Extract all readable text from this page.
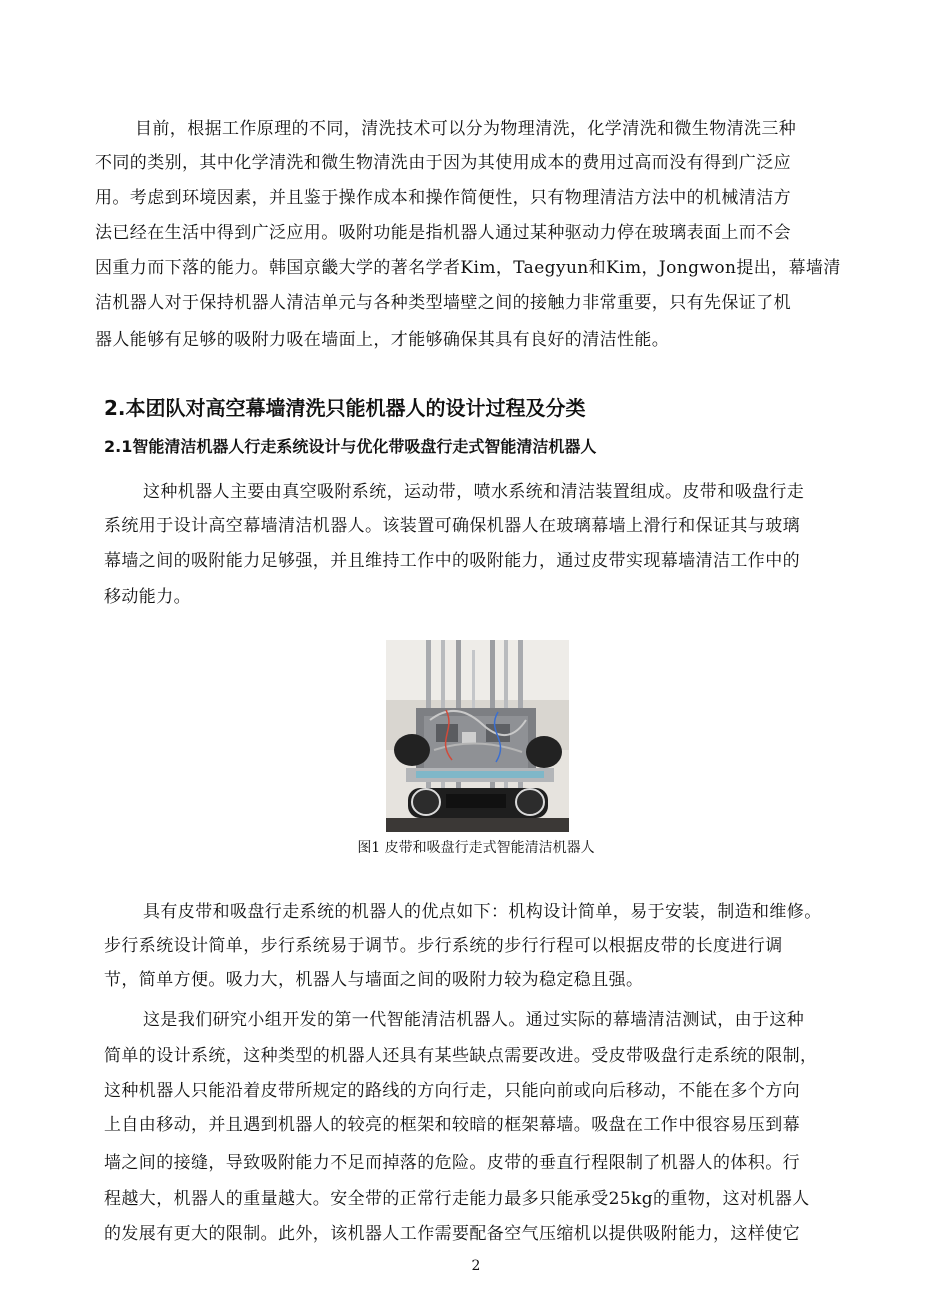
目前，根据工作原理的不同，清洗技术可以分为物理清洗，化学清洗和微生物清洗三种
不同的类别，其中化学清洗和微生物清洗由于因为其使用成本的费用过高而没有得到广泛应
用。考虑到环境因素，并且鉴于操作成本和操作简便性，只有物理清洁方法中的机械清洁方
法已经在生活中得到广泛应用。吸附功能是指机器人通过某种驱动力停在玻璃表面上而不会
因重力而下落的能力。韩国京畿大学的著名学者Kim，Taegyun和Kim，Jongwon提出，幕墙清
洁机器人对于保持机器人清洁单元与各种类型墙壁之间的接触力非常重要，只有先保证了机
器人能够有足够的吸附力吸在墙面上，才能够确保其具有良好的清洁性能。
2.本团队对高空幕墙清洗只能机器人的设计过程及分类
2.1智能清洁机器人行走系统设计与优化带吸盘行走式智能清洁机器人
这种机器人主要由真空吸附系统，运动带，喷水系统和清洁装置组成。皮带和吸盘行走
系统用于设计高空幕墙清洁机器人。该装置可确保机器人在玻璃幕墙上滑行和保证其与玻璃
幕墙之间的吸附能力足够强，并且维持工作中的吸附能力，通过皮带实现幕墙清洁工作中的
移动能力。
图1 皮带和吸盘行走式智能清洁机器人
具有皮带和吸盘行走系统的机器人的优点如下：机构设计简单，易于安装，制造和维修。
步行系统设计简单，步行系统易于调节。步行系统的步行行程可以根据皮带的长度进行调
节，简单方便。吸力大，机器人与墙面之间的吸附力较为稳定稳且强。
这是我们研究小组开发的第一代智能清洁机器人。通过实际的幕墙清洁测试，由于这种
简单的设计系统，这种类型的机器人还具有某些缺点需要改进。受皮带吸盘行走系统的限制，
这种机器人只能沿着皮带所规定的路线的方向行走，只能向前或向后移动，不能在多个方向
上自由移动，并且遇到机器人的较亮的框架和较暗的框架幕墙。吸盘在工作中很容易压到幕
墙之间的接缝，导致吸附能力不足而掉落的危险。皮带的垂直行程限制了机器人的体积。行
程越大，机器人的重量越大。安全带的正常行走能力最多只能承受25kg的重物，这对机器人
的发展有更大的限制。此外，该机器人工作需要配备空气压缩机以提供吸附能力，这样使它
2
